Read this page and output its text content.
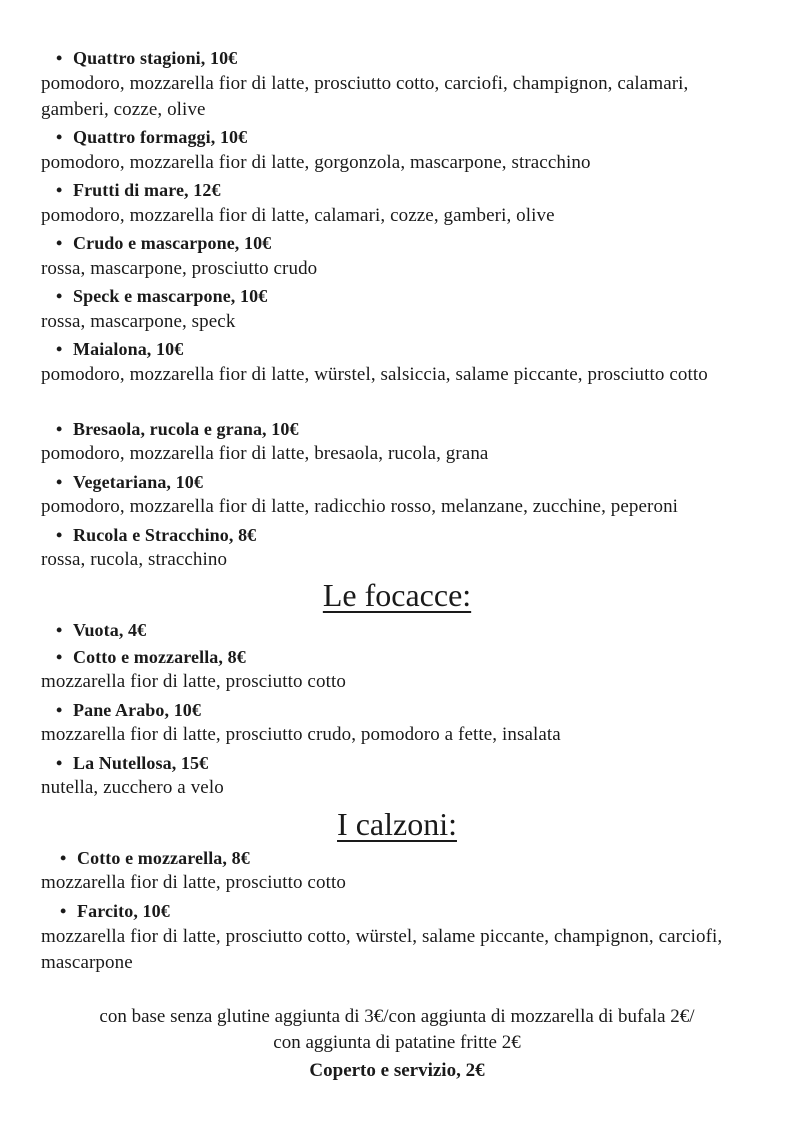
• Quattro stagioni, 10€
pomodoro, mozzarella fior di latte, prosciutto cotto, carciofi, champignon, calamari, gamberi, cozze, olive
• Quattro formaggi, 10€
pomodoro, mozzarella fior di latte, gorgonzola, mascarpone, stracchino
• Frutti di mare, 12€
pomodoro, mozzarella fior di latte, calamari, cozze, gamberi, olive
• Crudo e mascarpone, 10€
rossa, mascarpone, prosciutto crudo
• Speck e mascarpone, 10€
rossa, mascarpone, speck
• Maialona, 10€
pomodoro, mozzarella fior di latte, würstel, salsiccia, salame piccante, prosciutto cotto
• Bresaola, rucola e grana, 10€
pomodoro, mozzarella fior di latte, bresaola, rucola, grana
• Vegetariana, 10€
pomodoro, mozzarella fior di latte, radicchio rosso, melanzane, zucchine, peperoni
• Rucola e Stracchino, 8€
rossa, rucola, stracchino
Le focacce:
• Vuota, 4€
• Cotto e mozzarella, 8€
mozzarella fior di latte, prosciutto cotto
• Pane Arabo, 10€
mozzarella fior di latte, prosciutto crudo, pomodoro a fette, insalata
• La Nutellosa, 15€
nutella, zucchero a velo
I calzoni:
• Cotto e mozzarella, 8€
mozzarella fior di latte, prosciutto cotto
• Farcito, 10€
mozzarella fior di latte, prosciutto cotto, würstel, salame piccante, champignon, carciofi, mascarpone
con base senza glutine aggiunta di 3€/con aggiunta di mozzarella di bufala 2€/
con aggiunta di patatine fritte 2€
Coperto e servizio, 2€
